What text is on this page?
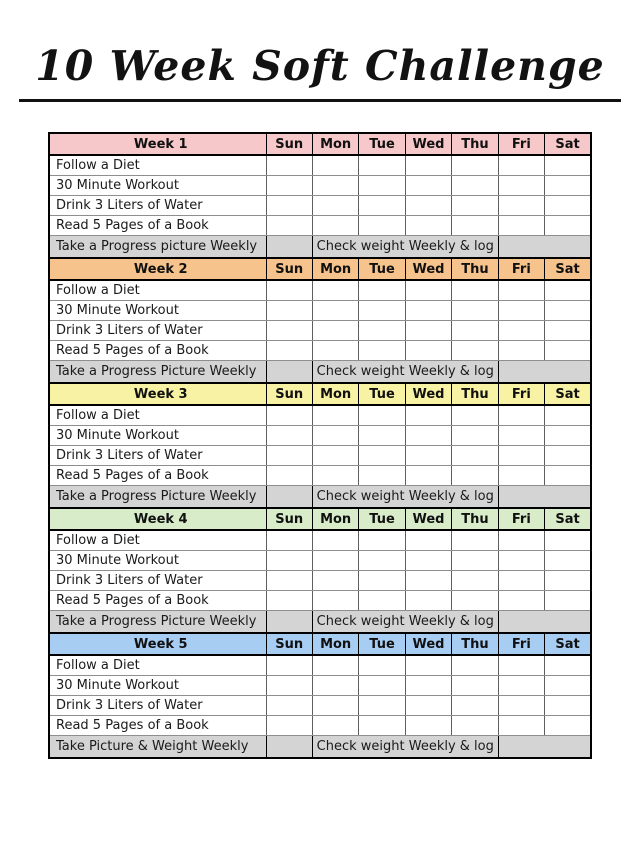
10 Week Soft Challenge
Week 1	Sun	Mon	Tue	Wed	Thu	Fri	Sat
Follow a Diet							
30 Minute Workout							
Drink 3 Liters of Water							
Read 5 Pages of a Book							
Take a Progress picture Weekly		Check weight Weekly & log					
Week 2	Sun	Mon	Tue	Wed	Thu	Fri	Sat
Follow a Diet							
30 Minute Workout							
Drink 3 Liters of Water							
Read 5 Pages of a Book							
Take a Progress Picture Weekly		Check weight Weekly & log					
Week 3	Sun	Mon	Tue	Wed	Thu	Fri	Sat
Follow a Diet							
30 Minute Workout							
Drink 3 Liters of Water							
Read 5 Pages of a Book							
Take a Progress Picture Weekly		Check weight Weekly & log					
Week 4	Sun	Mon	Tue	Wed	Thu	Fri	Sat
Follow a Diet							
30 Minute Workout							
Drink 3 Liters of Water							
Read 5 Pages of a Book							
Take a Progress Picture Weekly		Check weight Weekly & log					
Week 5	Sun	Mon	Tue	Wed	Thu	Fri	Sat
Follow a Diet							
30 Minute Workout							
Drink 3 Liters of Water							
Read 5 Pages of a Book							
Take Picture & Weight Weekly		Check weight Weekly & log					
